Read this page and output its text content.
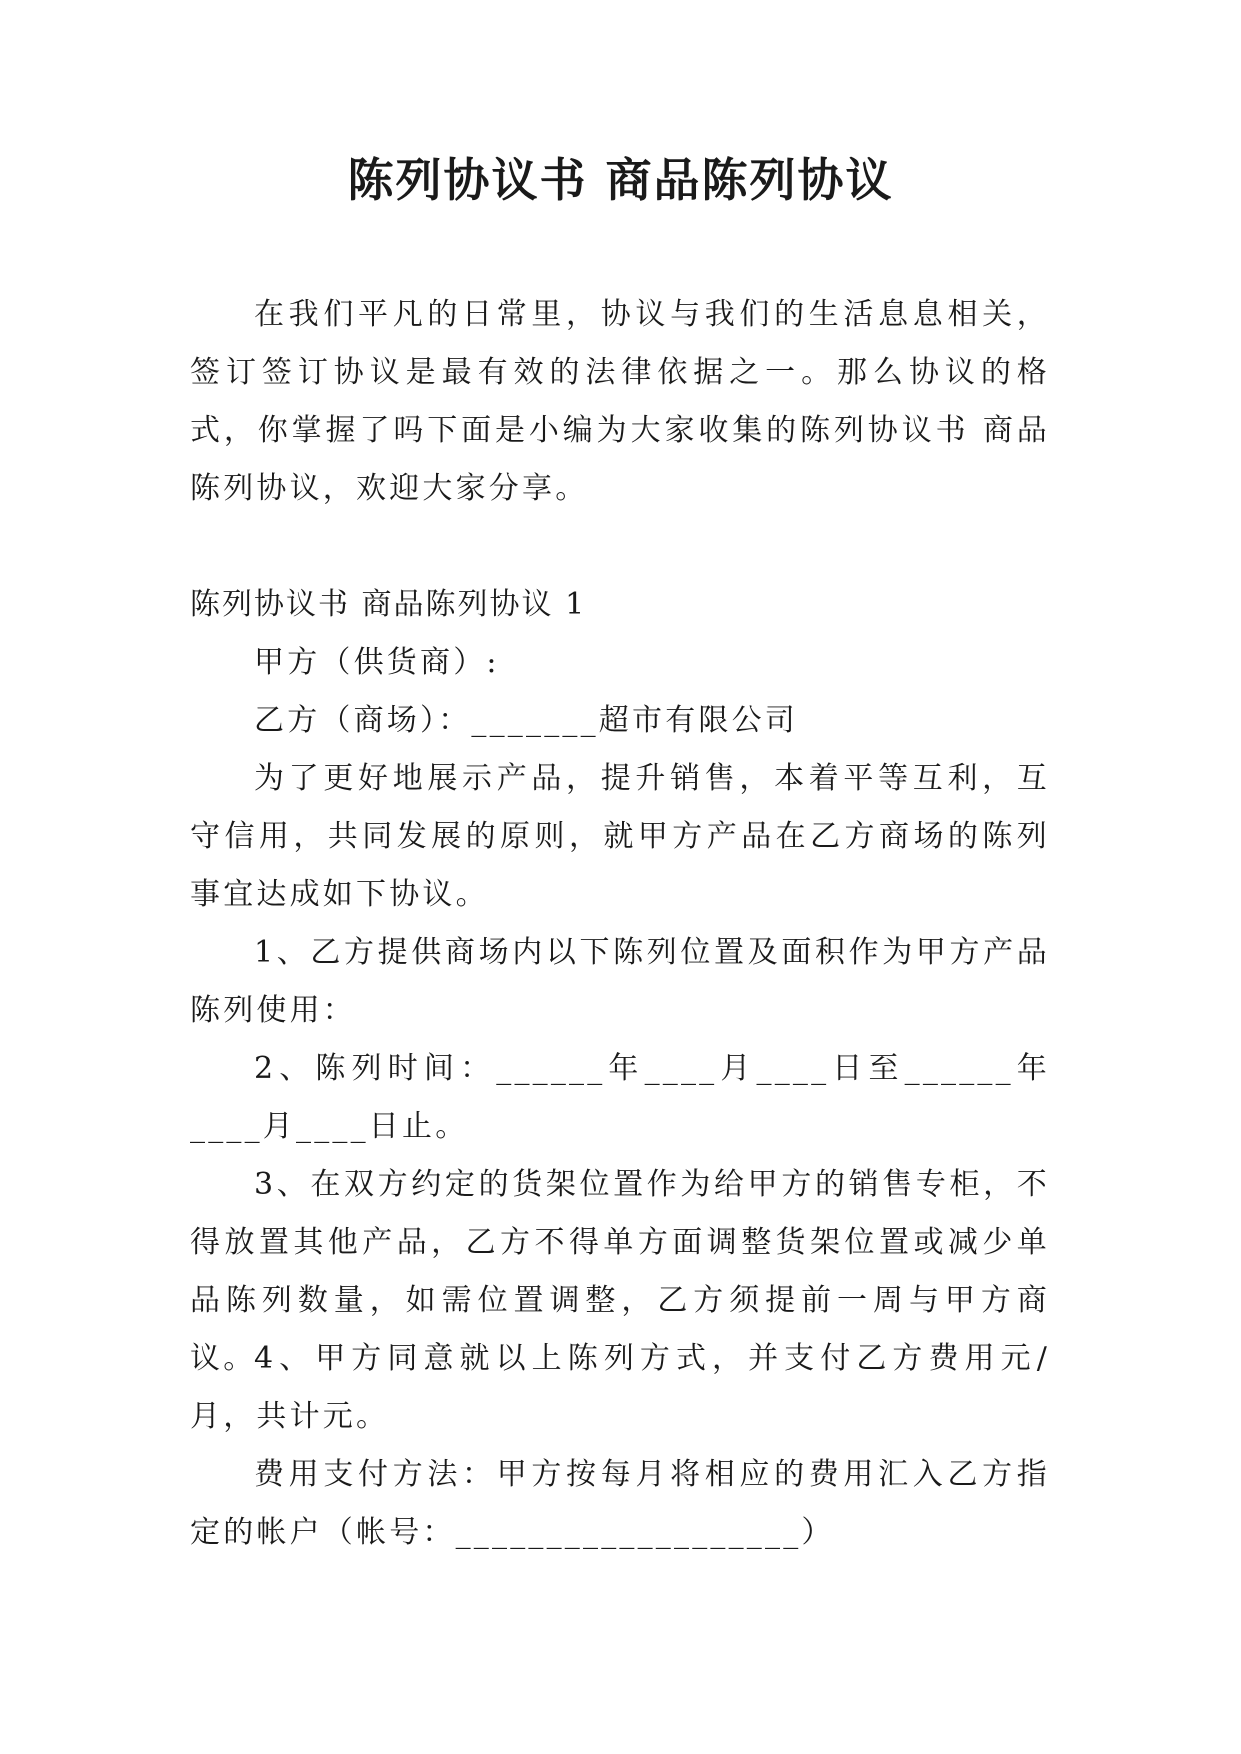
陈列协议书 商品陈列协议

在我们平凡的日常里，协议与我们的生活息息相关，签订签订协议是最有效的法律依据之一。那么协议的格式，你掌握了吗下面是小编为大家收集的陈列协议书 商品陈列协议，欢迎大家分享。

陈列协议书 商品陈列协议 1

甲方（供货商）:

乙方（商场）：_______超市有限公司

为了更好地展示产品，提升销售，本着平等互利，互守信用，共同发展的原则，就甲方产品在乙方商场的陈列事宜达成如下协议。

1、乙方提供商场内以下陈列位置及面积作为甲方产品陈列使用：

2、陈列时间：______年____月____日至______年____月____日止。

3、在双方约定的货架位置作为给甲方的销售专柜，不得放置其他产品，乙方不得单方面调整货架位置或减少单品陈列数量，如需位置调整，乙方须提前一周与甲方商议。

4、甲方同意就以上陈列方式，并支付乙方费用元/月，共计元。

费用支付方法：甲方按每月将相应的费用汇入乙方指定的帐户（帐号：___________________）
